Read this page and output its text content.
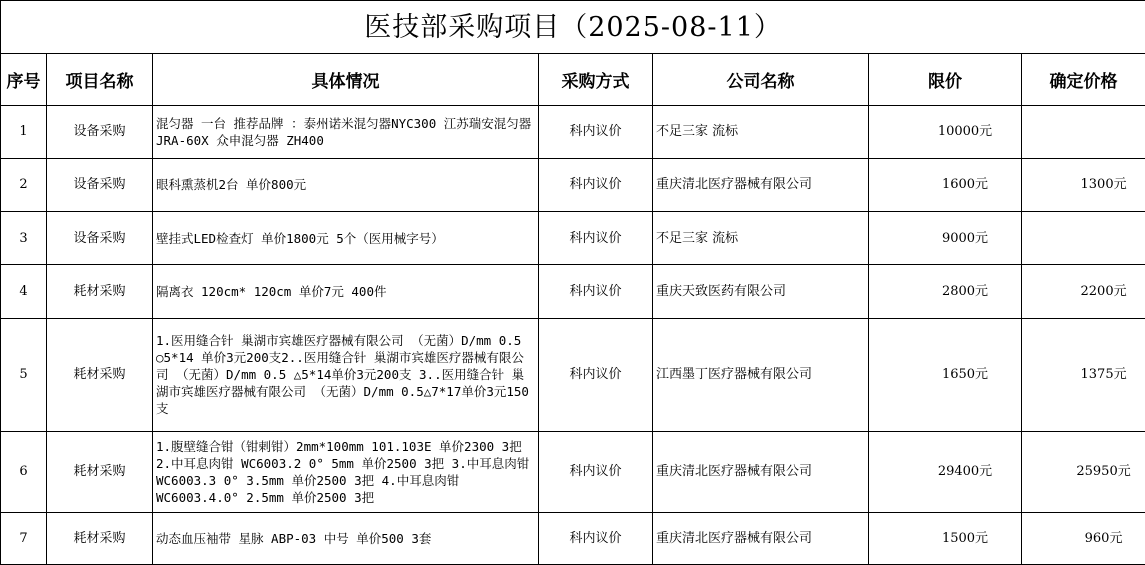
医技部采购项目（2025-08-11）						
序号	项目名称	具体情况	采购方式	公司名称	限价	确定价格
1	设备采购	混匀器 一台 推荐品牌 ：泰州诺米混匀器NYC300 江苏瑞安混匀器 JRA-60X 众申混匀器 ZH400	科内议价	不足三家 流标	10000元	
2	设备采购	眼科熏蒸机2台 单价800元	科内议价	重庆清北医疗器械有限公司	1600元	1300元
3	设备采购	壁挂式LED检查灯 单价1800元 5个（医用械字号）	科内议价	不足三家 流标	9000元	
4	耗材采购	隔离衣 120cm* 120cm 单价7元 400件	科内议价	重庆天致医药有限公司	2800元	2200元
5	耗材采购	1.医用缝合针 巢湖市宾雄医疗器械有限公司 （无菌）D/mm 0.5 ○5*14 单价3元200支2..医用缝合针 巢湖市宾雄医疗器械有限公司 （无菌）D/mm 0.5 △5*14单价3元200支 3..医用缝合针 巢湖市宾雄医疗器械有限公司 （无菌）D/mm 0.5△7*17单价3元150支	科内议价	江西墨丁医疗器械有限公司	1650元	1375元
6	耗材采购	1.腹壁缝合钳（钳剌钳）2mm*100mm 101.103E 单价2300 3把 2.中耳息肉钳 WC6003.2 0° 5mm 单价2500 3把 3.中耳息肉钳 WC6003.3 0° 3.5mm 单价2500 3把 4.中耳息肉钳 WC6003.4.0° 2.5mm 单价2500 3把	科内议价	重庆清北医疗器械有限公司	29400元	25950元
7	耗材采购	动态血压袖带 星脉 ABP-03 中号 单价500 3套	科内议价	重庆清北医疗器械有限公司	1500元	960元
